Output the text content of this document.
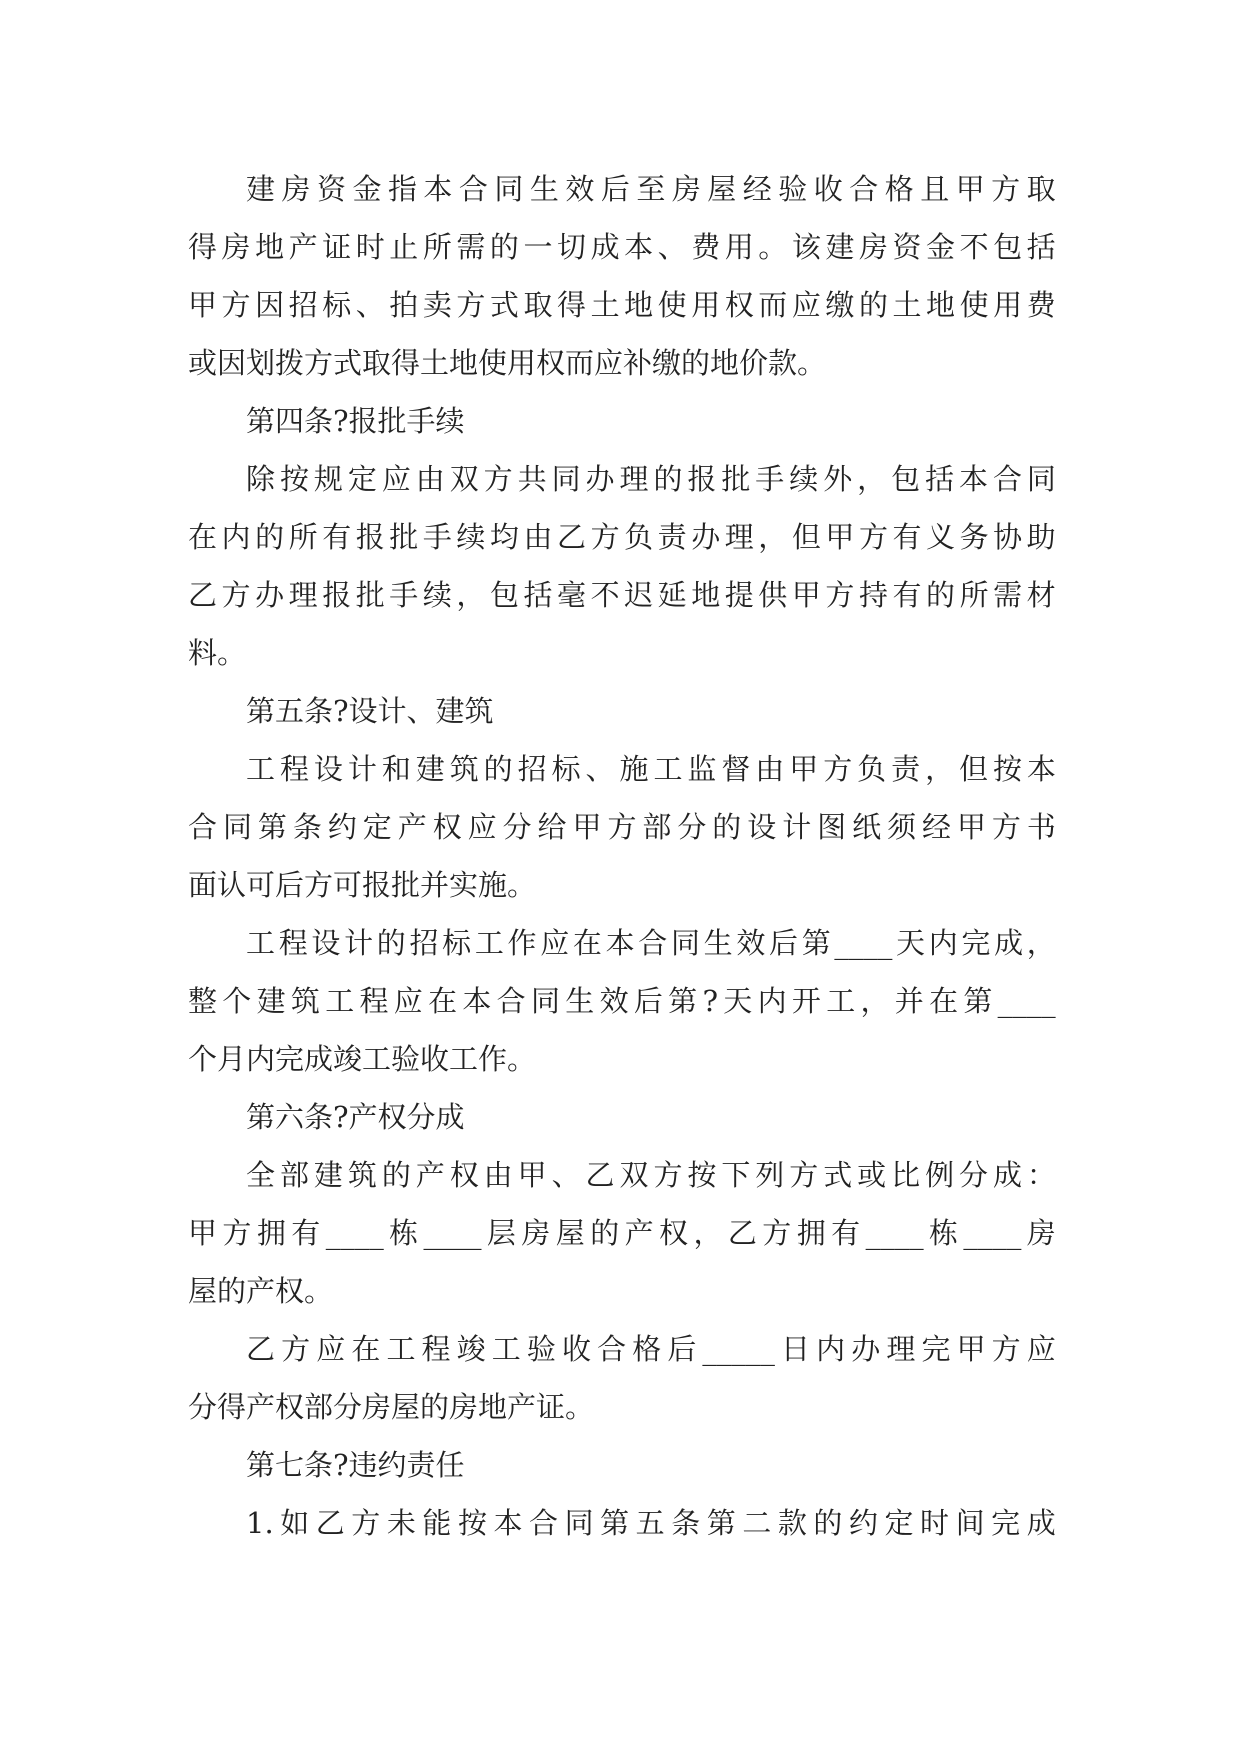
建 房 资 金 指 本 合 同 生 效 后 至 房 屋 经 验 收 合 格 且 甲 方 取
得 房 地 产 证 时 止 所 需 的 一 切 成 本 、 费 用 。 该 建 房 资 金 不 包 括
甲 方 因 招 标 、 拍 卖 方 式 取 得 土 地 使 用 权 而 应 缴 的 土 地 使 用 费
或因划拨方式取得土地使用权而应补缴的地价款。
第四条?报批手续
除 按 规 定 应 由 双 方 共 同 办 理 的 报 批 手 续 外 ， 包 括 本 合 同
在 内 的 所 有 报 批 手 续 均 由 乙 方 负 责 办 理 ， 但 甲 方 有 义 务 协 助
乙 方 办 理 报 批 手 续 ， 包 括 毫 不 迟 延 地 提 供 甲 方 持 有 的 所 需 材
料。
第五条?设计、建筑
工 程 设 计 和 建 筑 的 招 标 、 施 工 监 督 由 甲 方 负 责 ， 但 按 本
合 同 第 条 约 定 产 权 应 分 给 甲 方 部 分 的 设 计 图 纸 须 经 甲 方 书
面认可后方可报批并实施。
工 程 设 计 的 招 标 工 作 应 在 本 合 同 生 效 后 第 ____ 天 内 完 成 ，
整 个 建 筑 工 程 应 在 本 合 同 生 效 后 第 ? 天 内 开 工 ， 并 在 第 ____
个月内完成竣工验收工作。
第六条?产权分成
全 部 建 筑 的 产 权 由 甲 、 乙 双 方 按 下 列 方 式 或 比 例 分 成 ：
甲 方 拥 有 ____ 栋 ____ 层 房 屋 的 产 权 ， 乙 方 拥 有 ____ 栋 ____ 房
屋的产权。
乙 方 应 在 工 程 竣 工 验 收 合 格 后 _____ 日 内 办 理 完 甲 方 应
分得产权部分房屋的房地产证。
第七条?违约责任
1. 如 乙 方 未 能 按 本 合 同 第 五 条 第 二 款 的 约 定 时 间 完 成
